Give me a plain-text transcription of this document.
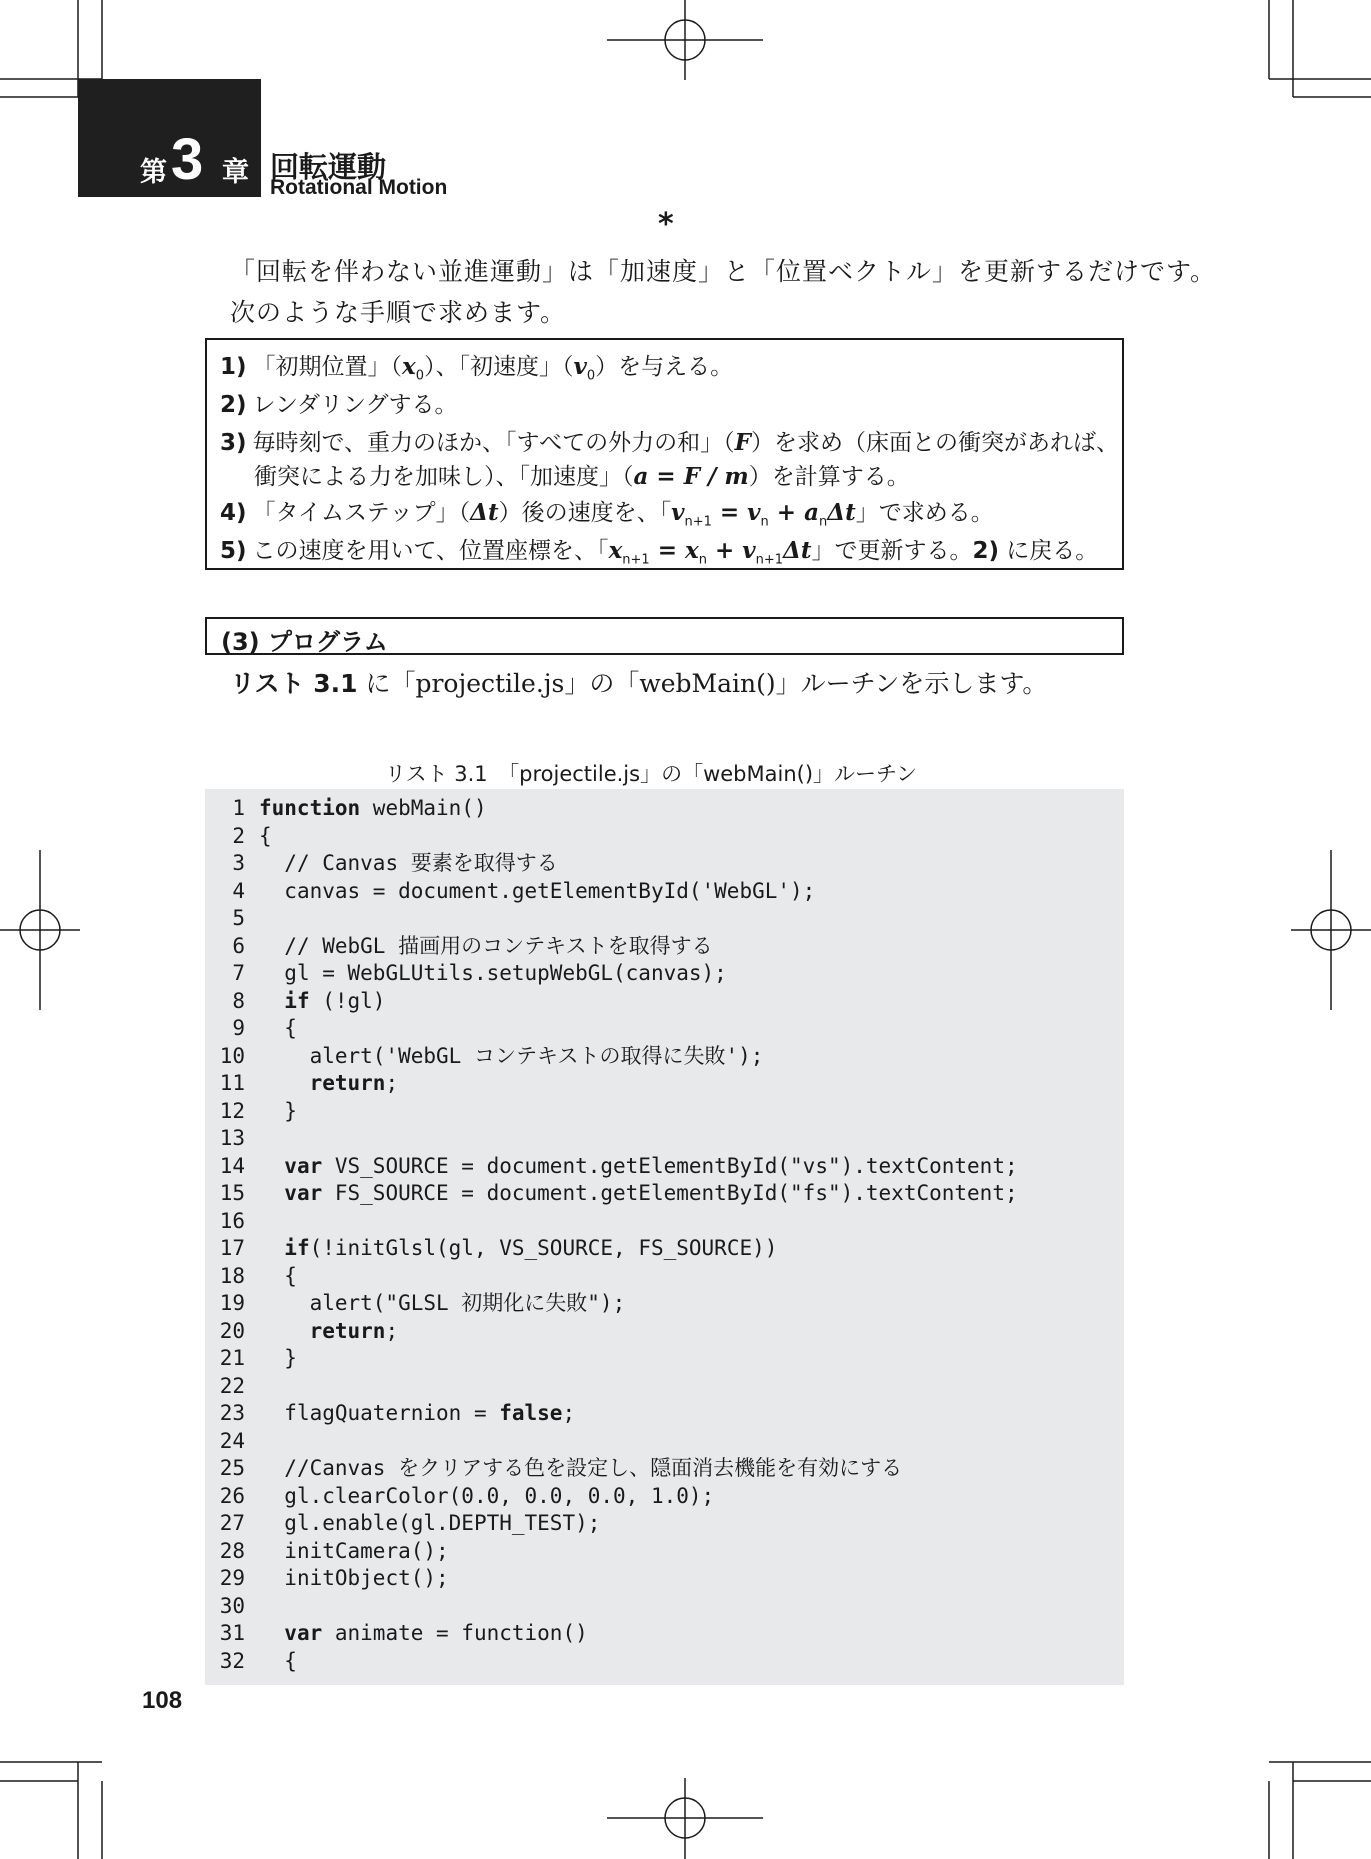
第 3 章 回転運動
Rotational Motion
*
「回転を伴わない並進運動」は「加速度」と「位置ベクトル」を更新するだけです。
次のような手順で求めます。
1) 「初期位置」$(x_0)$、「初速度」$(v_0)$を与える。
2) レンダリングする。
3) 毎時刻で、重力のほか、「すべての外力の和」（F）を求め（床面との衝突があれば、
衝突による力を加味し）、「加速度」（a = F / m）を計算する。
4) 「タイムステップ」（Δt）後の速度を、「$v_{n+1} = v_n + a_n\Delta t$」で求める。
5) この速度を用いて、位置座標を、「$x_{n+1} = x_n + v_{n+1}\Delta t$」で更新する。2) に戻る。
(3) プログラム
リスト 3.1 に「projectile.js」の「webMain()」ルーチンを示します。
リスト 3.1　「projectile.js」の「webMain()」ルーチン
1 function webMain()
2 {
3 // Canvas 要素を取得する
4 canvas = document.getElementById('WebGL');
5
6 // WebGL 描画用のコンテキストを取得する
7 gl = WebGLUtils.setupWebGL(canvas);
8 if (!gl)
9 {
10	alert('WebGL コンテキストの取得に失敗');
11	return;
12 }
13
14 var VS_SOURCE = document.getElementById("vs").textContent;
15 var FS_SOURCE = document.getElementById("fs").textContent;
16
17 if(!initGlsl(gl, VS_SOURCE, FS_SOURCE))
18 {
19	alert("GLSL 初期化に失敗");
20	return;
21 }
22
23 flagQuaternion = false;
24
25 //Canvas をクリアする色を設定し、隠面消去機能を有効にする
26 gl.clearColor(0.0, 0.0, 0.0, 1.0);
27 gl.enable(gl.DEPTH_TEST);
28 initCamera();
29 initObject();
30
31 var animate = function()
32 {
108
